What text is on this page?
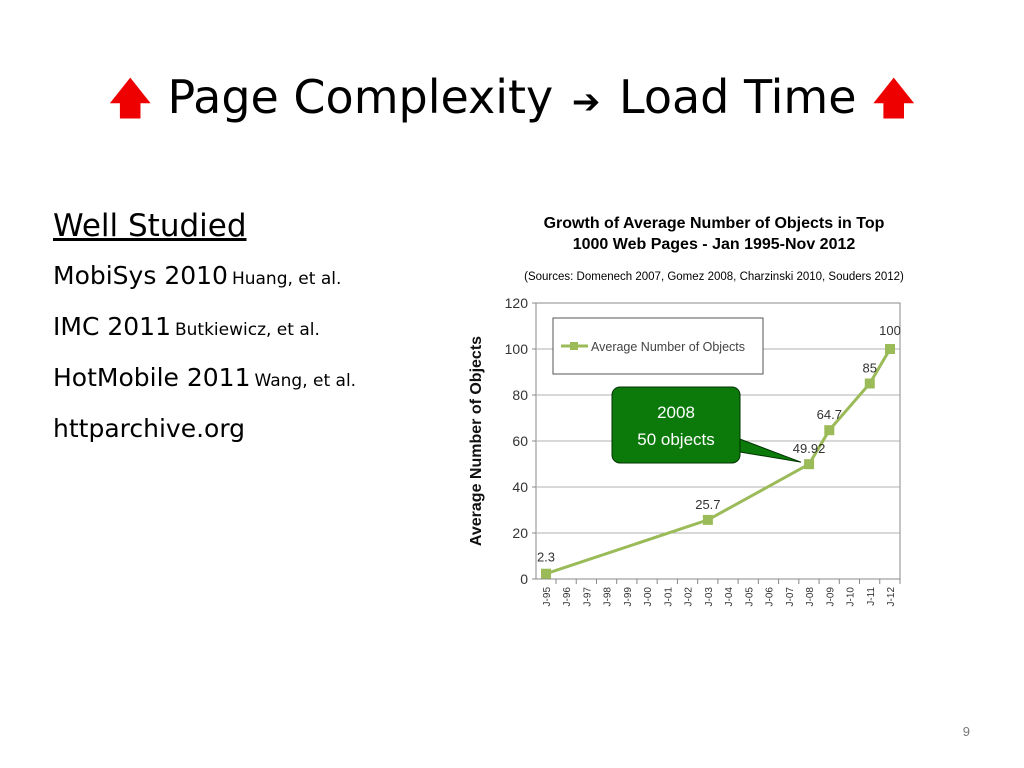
🡅 Page Complexity ➔ Load Time 🡅
Well Studied
MobiSys 2010 Huang, et al.
IMC 2011 Butkiewicz, et al.
HotMobile 2011 Wang, et al.
httparchive.org
Growth of Average Number of Objects in Top
1000 Web Pages - Jan 1995-Nov 2012
(Sources: Domenech 2007, Gomez 2008, Charzinski 2010, Souders 2012)
0
20
40
60
80
100
120
J-95 J-96 J-97 J-98 J-99 J-00 J-01 J-02 J-03 J-04 J-05 J-06 J-07 J-08 J-09 J-10 J-11 J-12
Average Number of Objects
2.3
25.7
49.92
64.7
85
100
Average Number of Objects
2008
50 objects
9
